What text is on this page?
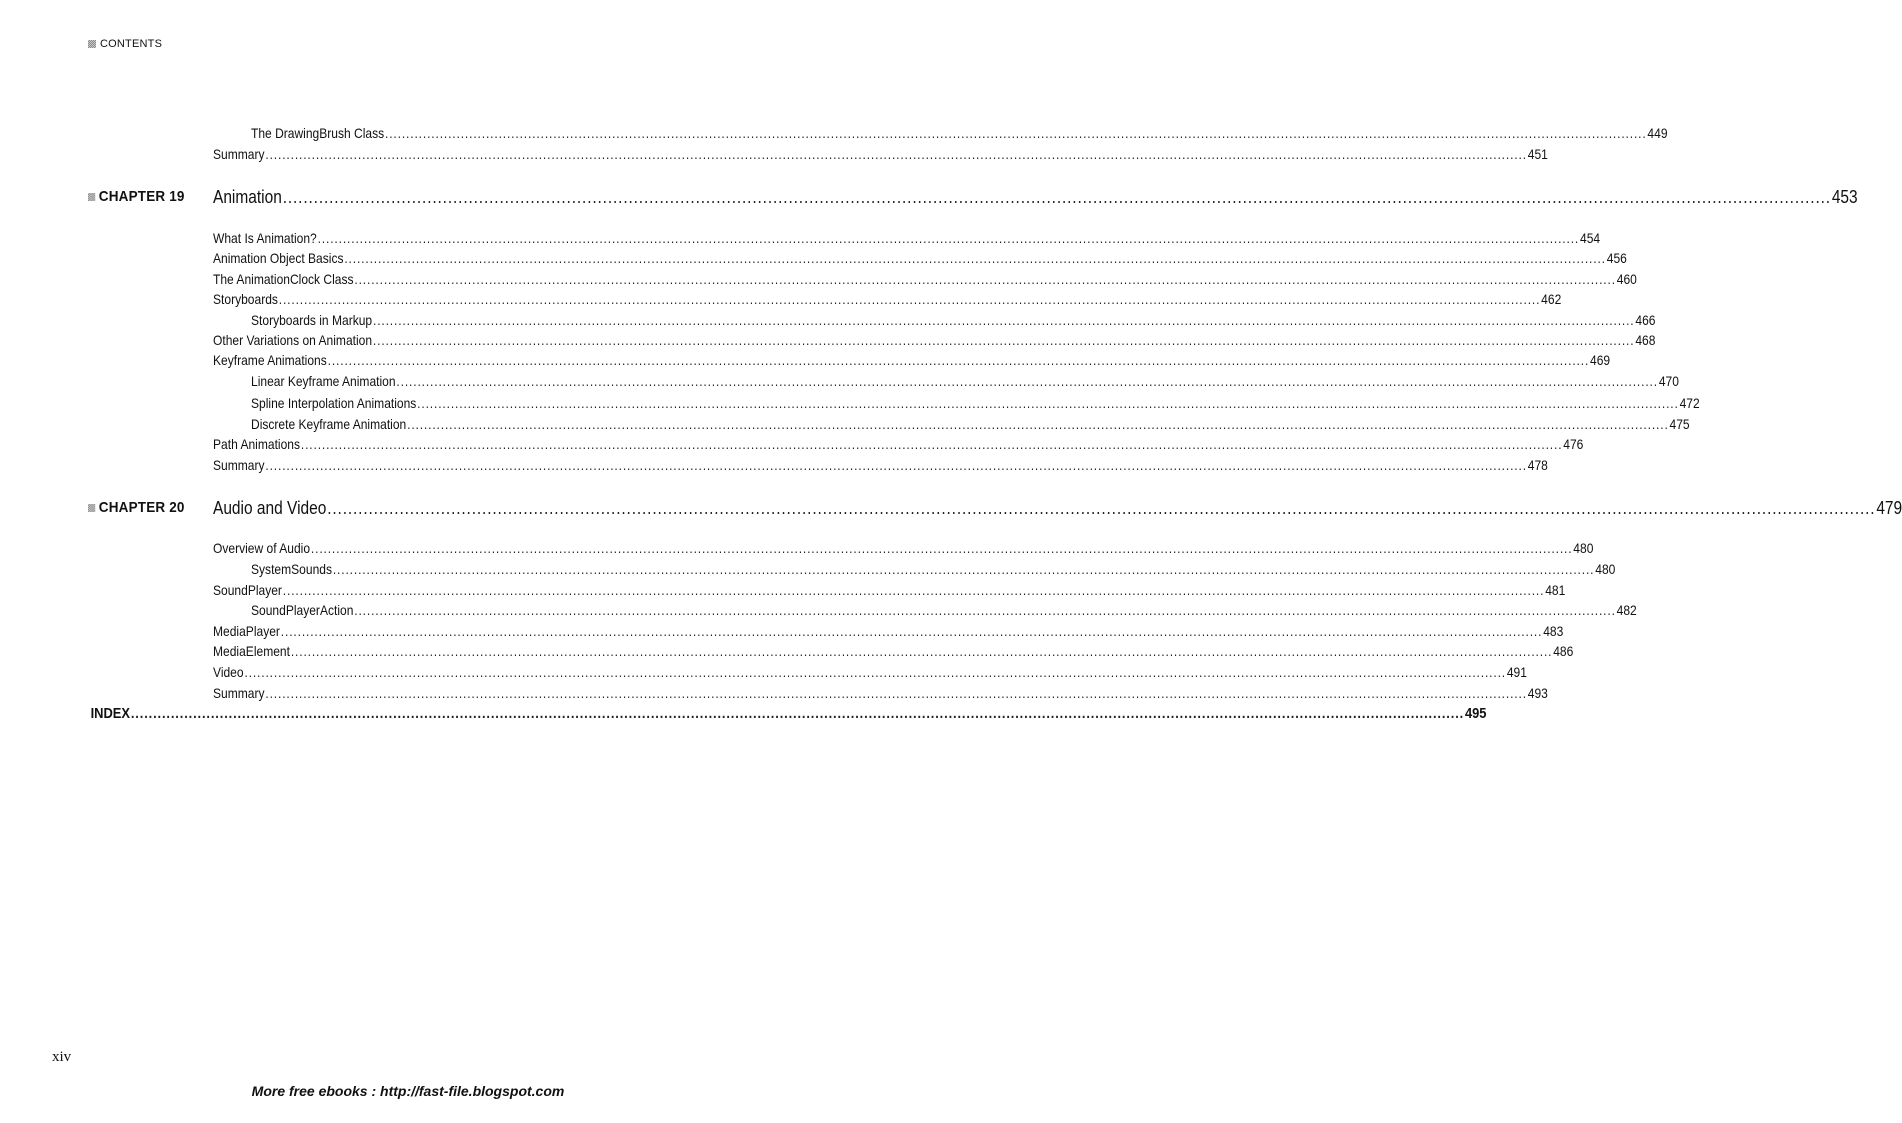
CONTENTS
The DrawingBrush Class ............................................................................................................................................................................................................................................................................................................ 449
Summary ............................................................................................................................................................................................................................................................................................................ 451
Animation ............................................................................................................................................................................................................................................................................................................ 453
CHAPTER 19
What Is Animation? ............................................................................................................................................................................................................................................................................................................ 454
Animation Object Basics ............................................................................................................................................................................................................................................................................................................ 456
The AnimationClock Class ............................................................................................................................................................................................................................................................................................................ 460
Storyboards ............................................................................................................................................................................................................................................................................................................ 462
Storyboards in Markup ............................................................................................................................................................................................................................................................................................................ 466
Other Variations on Animation ............................................................................................................................................................................................................................................................................................................ 468
Keyframe Animations ............................................................................................................................................................................................................................................................................................................ 469
Linear Keyframe Animation ............................................................................................................................................................................................................................................................................................................ 470
Spline Interpolation Animations ............................................................................................................................................................................................................................................................................................................ 472
Discrete Keyframe Animation ............................................................................................................................................................................................................................................................................................................ 475
Path Animations ............................................................................................................................................................................................................................................................................................................ 476
Summary ............................................................................................................................................................................................................................................................................................................ 478
Audio and Video ............................................................................................................................................................................................................................................................................................................ 479
CHAPTER 20
Overview of Audio ............................................................................................................................................................................................................................................................................................................ 480
SystemSounds ............................................................................................................................................................................................................................................................................................................ 480
SoundPlayer ............................................................................................................................................................................................................................................................................................................ 481
SoundPlayerAction ............................................................................................................................................................................................................................................................................................................ 482
MediaPlayer ............................................................................................................................................................................................................................................................................................................ 483
MediaElement ............................................................................................................................................................................................................................................................................................................ 486
Video ............................................................................................................................................................................................................................................................................................................ 491
Summary ............................................................................................................................................................................................................................................................................................................ 493
INDEX ............................................................................................................................................................................................................................................................................................................ 495
xiv
More free ebooks : http://fast-file.blogspot.com
